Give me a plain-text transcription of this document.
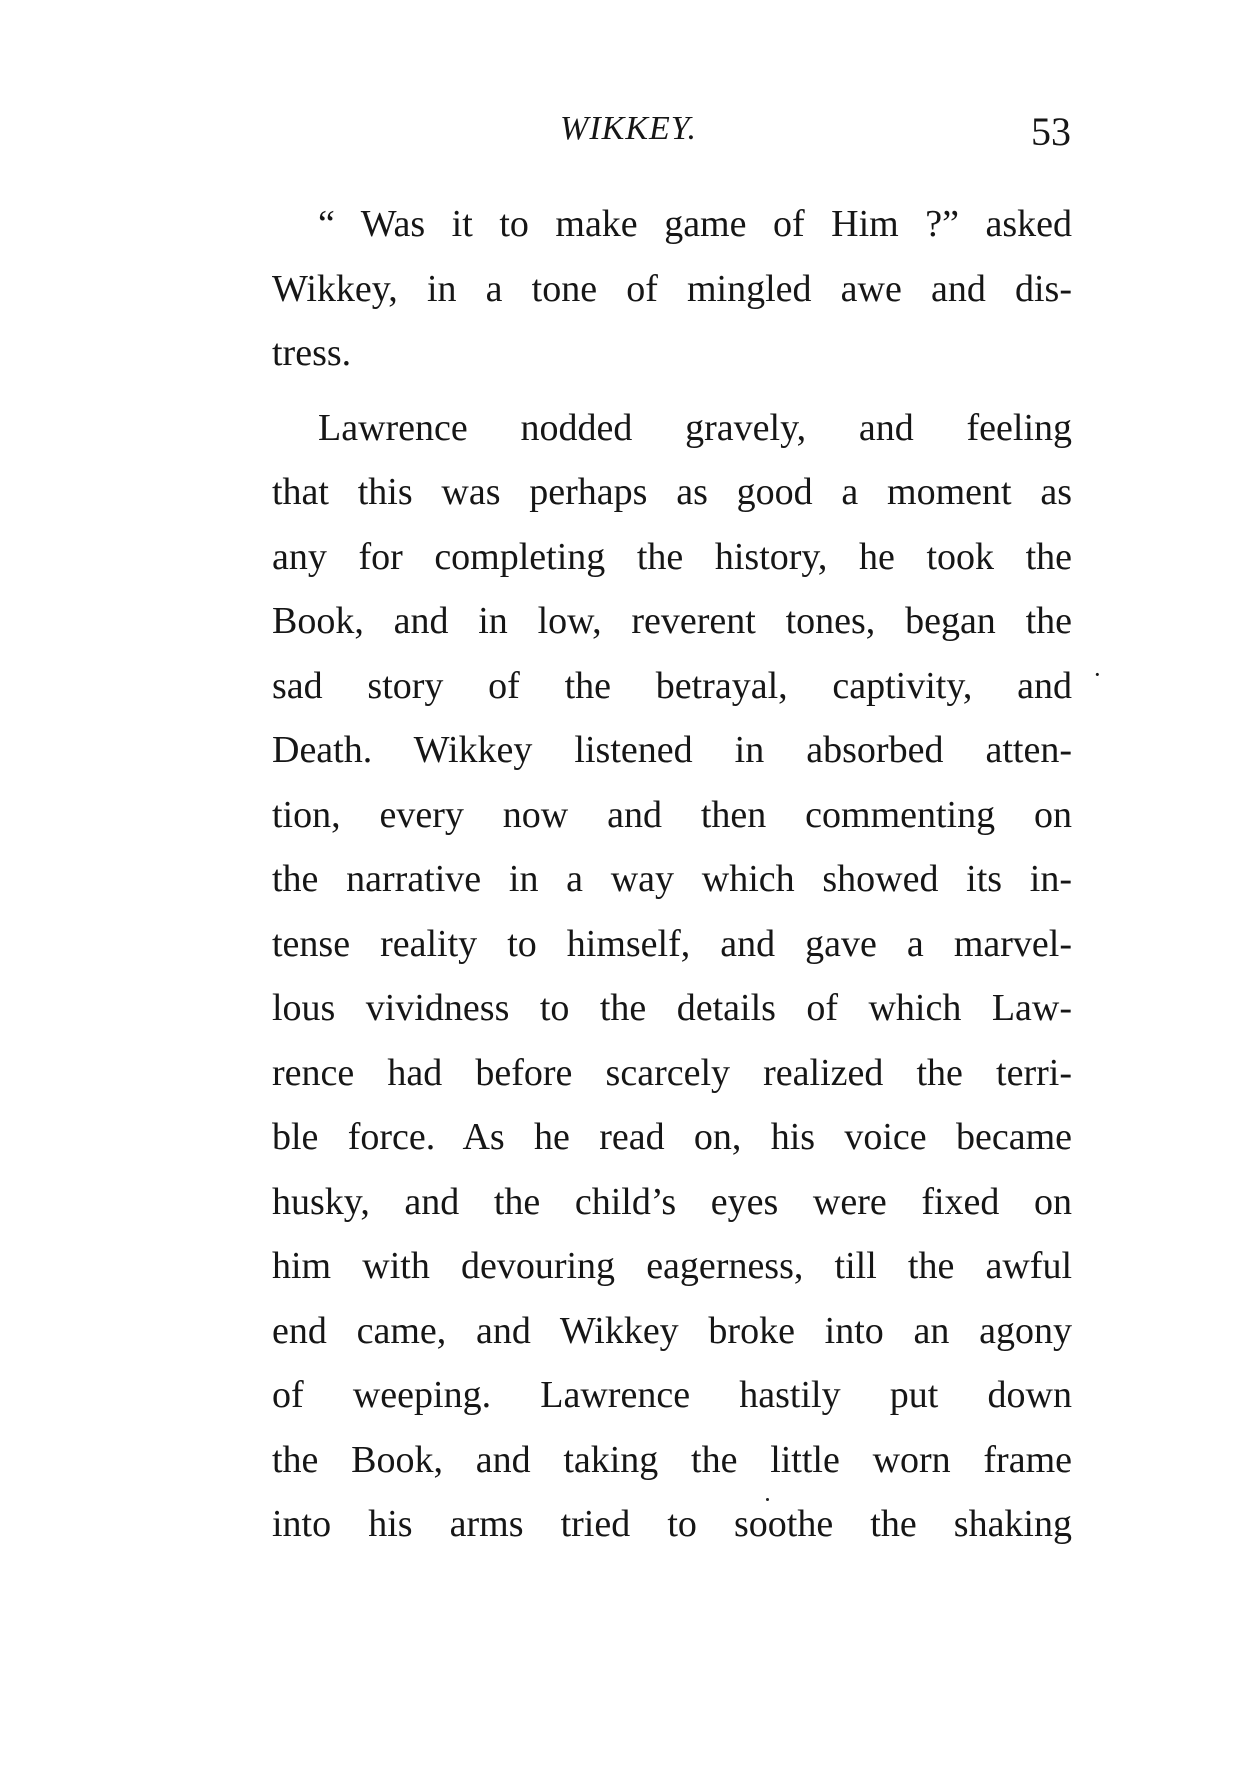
WIKKEY.	53
“ Was it to make game of Him ?” asked
Wikkey, in a tone of mingled awe and dis-
tress.
Lawrence nodded gravely, and feeling
that this was perhaps as good a moment as
any for completing the history, he took the
Book, and in low, reverent tones, began the
sad story of the betrayal, captivity, and
Death. Wikkey listened in absorbed atten-
tion, every now and then commenting on
the narrative in a way which showed its in-
tense reality to himself, and gave a marvel-
lous vividness to the details of which Law-
rence had before scarcely realized the terri-
ble force. As he read on, his voice became
husky, and the child’s eyes were fixed on
him with devouring eagerness, till the awful
end came, and Wikkey broke into an agony
of weeping. Lawrence hastily put down
the Book, and taking the little worn frame
into his arms tried to soothe the shaking
·
